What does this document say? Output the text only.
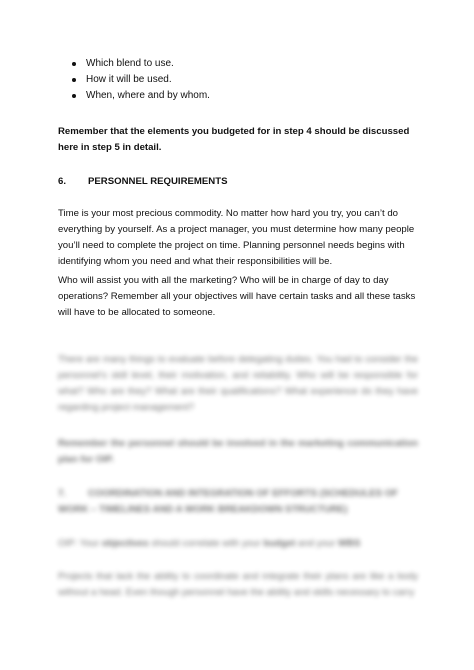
Which blend to use.
How it will be used.
When, where and by whom.

Remember that the elements you budgeted for in step 4 should be discussed here in step 5 in detail.

6. PERSONNEL REQUIREMENTS

Time is your most precious commodity. No matter how hard you try, you can’t do everything by yourself. As a project manager, you must determine how many people you’ll need to complete the project on time. Planning personnel needs begins with identifying whom you need and what their responsibilities will be.

Who will assist you with all the marketing? Who will be in charge of day to day operations? Remember all your objectives will have certain tasks and all these tasks will have to be allocated to someone.

There are many things to evaluate before delegating duties. You had to consider the personnel’s skill level, their motivation, and reliability. Who will be responsible for what? Who are they? What are their qualifications? What experience do they have regarding project management?

Remember the personnel should be involved in the marketing communication plan for OIP.

7. COORDINATION AND INTEGRATION OF EFFORTS (SCHEDULES OF WORK – TIMELINES AND A WORK BREAKDOWN STRUCTURE)

OIP: Your objectives should correlate with your budget and your WBS

Projects that lack the ability to coordinate and integrate their plans are like a body without a head. Even though personnel have the ability and skills necessary to carry
